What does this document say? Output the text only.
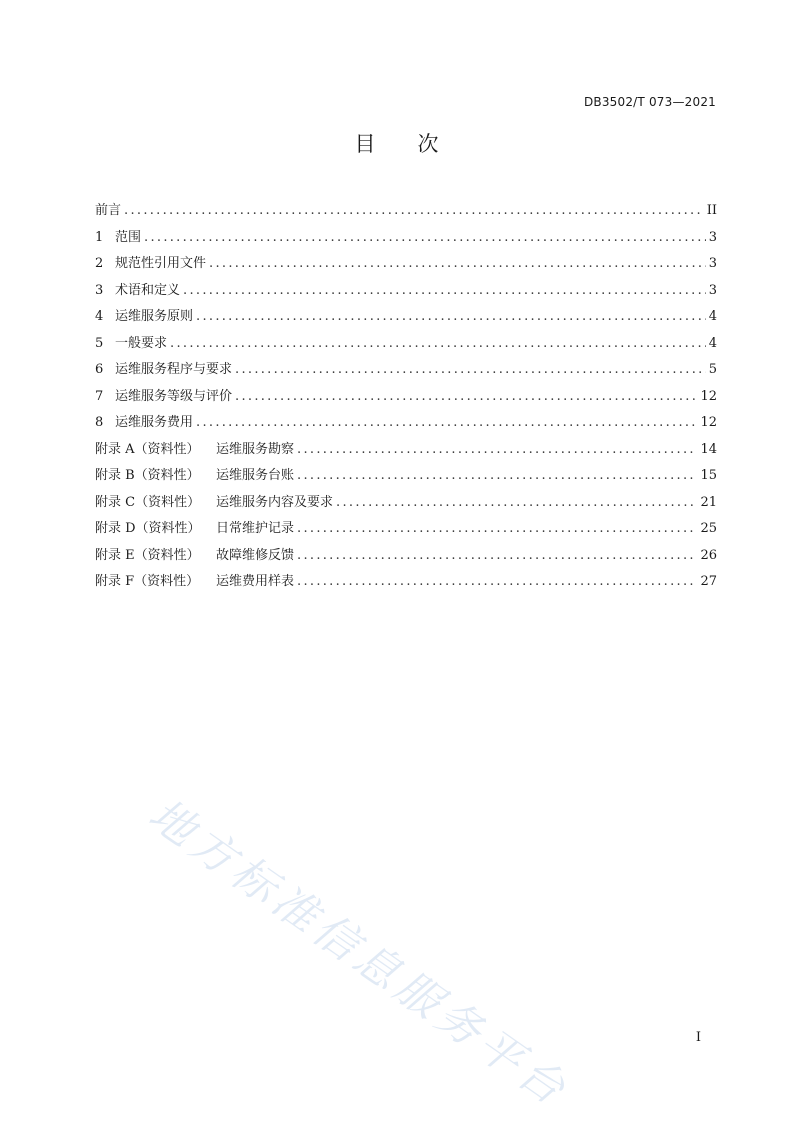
DB3502/T 073—2021
目 次
前言 .....	II
1 范围 .....	3
2 规范性引用文件 .....	3
3 术语和定义 .....	3
4 运维服务原则 .....	4
5 一般要求 .....	4
6 运维服务程序与要求 .....	5
7 运维服务等级与评价 .....	12
8 运维服务费用 .....	12
附录 A（资料性） 运维服务勘察 .....	14
附录 B（资料性） 运维服务台账 .....	15
附录 C（资料性） 运维服务内容及要求 .....	21
附录 D（资料性） 日常维护记录 .....	25
附录 E（资料性） 故障维修反馈 .....	26
附录 F（资料性） 运维费用样表 .....	27
地方标准信息服务平台	I
